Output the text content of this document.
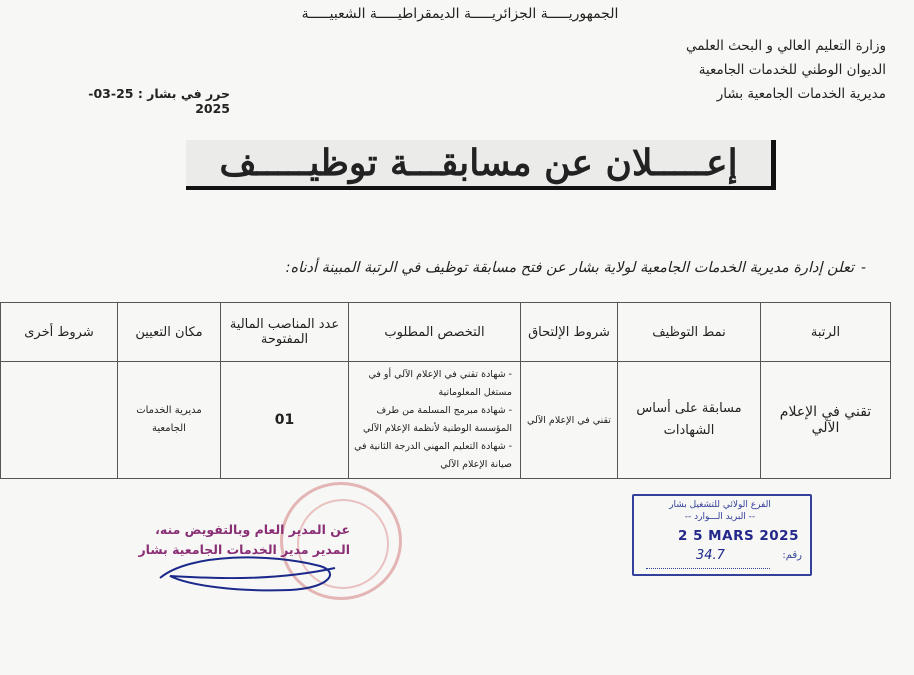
الجمهوريـــــة الجزائريـــــة الديمقراطيـــــة الشعبيـــــة
وزارة التعليم العالي و البحث العلمي
الديوان الوطني للخدمات الجامعية
مديرية الخدمات الجامعية بشار
حرر في بشار : 25-03-2025
إعـــــلان عن مسابقـــة توظيـــــف
-
تعلن إدارة مديرية الخدمات الجامعية لولاية بشار عن فتح مسابقة توظيف في الرتبة المبينة أدناه:
الرتبة	نمط التوظيف	شروط الإلتحاق	التخصص المطلوب	عدد المناصب المالية المفتوحة	مكان التعيين	شروط أخرى
تقني في الإعلام الآلي	مسابقة على أساس الشهادات	تقني في الإعلام الآلي	- شهادة تقني في الإعلام الآلي أو في مستغل المعلوماتية
- شهادة مبرمج المسلمة من طرف المؤسسة الوطنية لأنظمة الإعلام الآلي
- شهادة التعليم المهني الدرجة الثانية في صيانة الإعلام الآلي	01	مديرية الخدمات الجامعية	
عن المدير العام وبالتفويض منه،
المدير مدير الخدمات الجامعية بشار
الفرع الولائي للتشغيل بشار
-- البريد الـــوارد --
2 5 MARS 2025
رقم:
34.7
